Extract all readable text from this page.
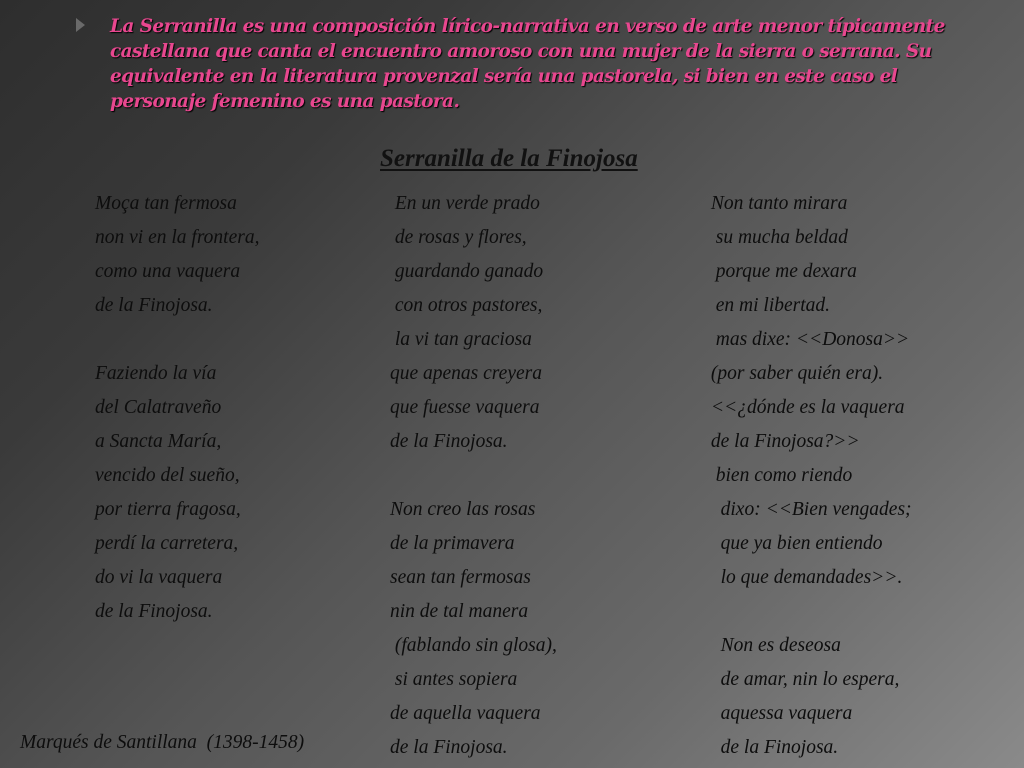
La Serranilla es una composición lírico-narrativa en verso de arte menor típicamente castellana que canta el encuentro amoroso con una mujer de la sierra o serrana. Su equivalente en la literatura provenzal sería una pastorela, si bien en este caso el personaje femenino es una pastora.

Serranilla de la Finojosa
Moça tan fermosa
non vi en la frontera,
como una vaquera
de la Finojosa.
Faziendo la vía
del Calatraveño
a Sancta María,
vencido del sueño,
por tierra fragosa,
perdí la carretera,
do vi la vaquera
de la Finojosa.
En un verde prado
de rosas y flores,
guardando ganado
con otros pastores,
la vi tan graciosa
que apenas creyera
que fuesse vaquera
de la Finojosa.
Non creo las rosas
de la primavera
sean tan fermosas
nin de tal manera
(fablando sin glosa),
si antes sopiera
de aquella vaquera
de la Finojosa.
Non tanto mirara
su mucha beldad
porque me dexara
en mi libertad.
mas dixe: <<Donosa>>
(por saber quién era).
<<¿dónde es la vaquera
de la Finojosa?>>
bien como riendo
dixo: <<Bien vengades;
que ya bien entiendo
lo que demandades>>.
Non es deseosa
de amar, nin lo espera,
aquessa vaquera
de la Finojosa.

Marqués de Santillana  (1398-1458)
